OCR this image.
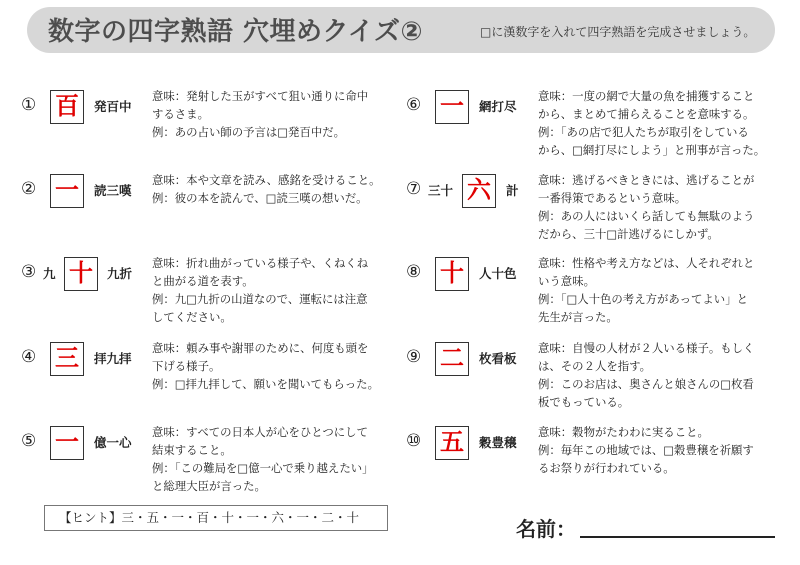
数字の四字熟語 穴埋めクイズ②	□に漢数字を入れて四字熟語を完成させましょう。
① 百	発百中
意味：発射した玉がすべて狙い通りに命中
するさま。
例：あの占い師の予言は□発百中だ。
② 一	読三嘆
意味：本や文章を読み、感銘を受けること。
例：彼の本を読んで、□読三嘆の想いだ。
③ 九 十	九折
意味：折れ曲がっている様子や、くねくね
と曲がる道を表す。
例：九□九折の山道なので、運転には注意
してください。
④ 三	拝九拝
意味：頼み事や謝罪のために、何度も頭を
下げる様子。
例：□拝九拝して、願いを聞いてもらった。
⑤ 一	億一心
意味：すべての日本人が心をひとつにして
結束すること。
例：「この難局を□億一心で乗り越えたい」
と総理大臣が言った。
⑥ 一	網打尽
意味：一度の網で大量の魚を捕獲すること
から、まとめて捕らえることを意味する。
例：「あの店で犯人たちが取引をしている
から、□網打尽にしよう」と刑事が言った。
⑦ 三十 六	計
意味：逃げるべきときには、逃げることが
一番得策であるという意味。
例：あの人にはいくら話しても無駄のよう
だから、三十□計逃げるにしかず。
⑧ 十	人十色
意味：性格や考え方などは、人それぞれと
いう意味。
例：「□人十色の考え方があってよい」と
先生が言った。
⑨ 二	枚看板
意味：自慢の人材が２人いる様子。もしく
は、その２人を指す。
例：このお店は、奥さんと娘さんの□枚看
板でもっている。
⑩ 五	穀豊穣
意味：穀物がたわわに実ること。
例：毎年この地域では、□穀豊穣を祈願す
るお祭りが行われている。
【ヒント】三・五・一・百・十・一・六・一・二・十	名前：
